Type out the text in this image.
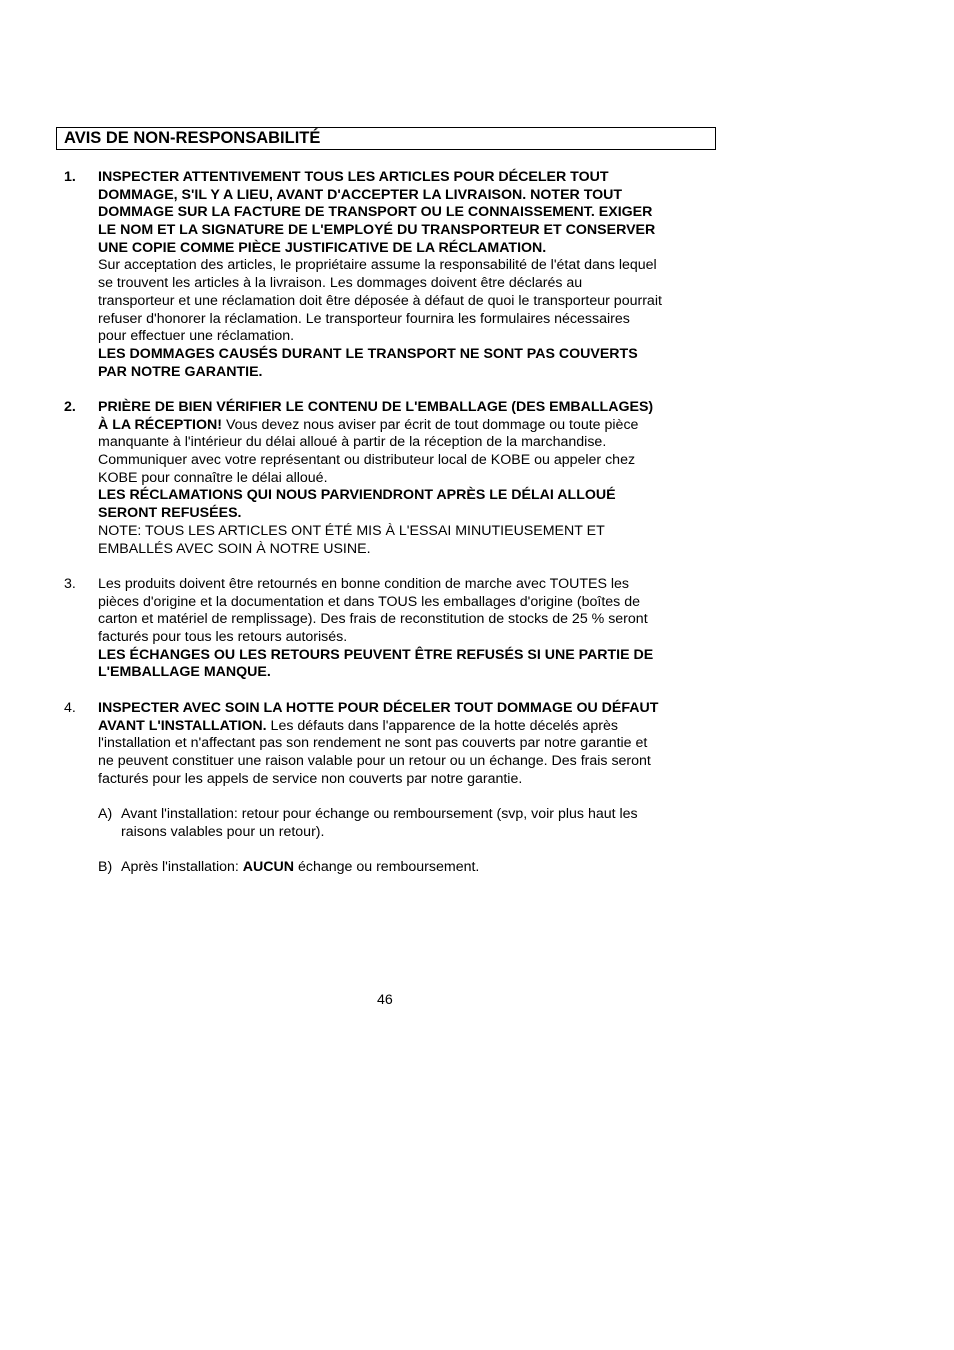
AVIS DE NON-RESPONSABILITÉ
1. INSPECTER ATTENTIVEMENT TOUS LES ARTICLES POUR DÉCELER TOUT
DOMMAGE, S'IL Y A LIEU, AVANT D'ACCEPTER LA LIVRAISON. NOTER TOUT
DOMMAGE SUR LA FACTURE DE TRANSPORT OU LE CONNAISSEMENT. EXIGER
LE NOM ET LA SIGNATURE DE L'EMPLOYÉ DU TRANSPORTEUR ET CONSERVER
UNE COPIE COMME PIÈCE JUSTIFICATIVE DE LA RÉCLAMATION.
Sur acceptation des articles, le propriétaire assume la responsabilité de l'état dans lequel
se trouvent les articles à la livraison. Les dommages doivent être déclarés au
transporteur et une réclamation doit être déposée à défaut de quoi le transporteur pourrait
refuser d'honorer la réclamation. Le transporteur fournira les formulaires nécessaires
pour effectuer une réclamation.
LES DOMMAGES CAUSÉS DURANT LE TRANSPORT NE SONT PAS COUVERTS
PAR NOTRE GARANTIE.
2. PRIÈRE DE BIEN VÉRIFIER LE CONTENU DE L'EMBALLAGE (DES EMBALLAGES)
À LA RÉCEPTION! Vous devez nous aviser par écrit de tout dommage ou toute pièce
manquante à l'intérieur du délai alloué à partir de la réception de la marchandise.
Communiquer avec votre représentant ou distributeur local de KOBE ou appeler chez
KOBE pour connaître le délai alloué.
LES RÉCLAMATIONS QUI NOUS PARVIENDRONT APRÈS LE DÉLAI ALLOUÉ
SERONT REFUSÉES.
NOTE: TOUS LES ARTICLES ONT ÉTÉ MIS À L'ESSAI MINUTIEUSEMENT ET
EMBALLÉS AVEC SOIN À NOTRE USINE.
3. Les produits doivent être retournés en bonne condition de marche avec TOUTES les
pièces d'origine et la documentation et dans TOUS les emballages d'origine (boîtes de
carton et matériel de remplissage). Des frais de reconstitution de stocks de 25 % seront
facturés pour tous les retours autorisés.
LES ÉCHANGES OU LES RETOURS PEUVENT ÊTRE REFUSÉS SI UNE PARTIE DE
L'EMBALLAGE MANQUE.
4. INSPECTER AVEC SOIN LA HOTTE POUR DÉCELER TOUT DOMMAGE OU DÉFAUT
AVANT L'INSTALLATION. Les défauts dans l'apparence de la hotte décelés après
l'installation et n'affectant pas son rendement ne sont pas couverts par notre garantie et
ne peuvent constituer une raison valable pour un retour ou un échange. Des frais seront
facturés pour les appels de service non couverts par notre garantie.
A) Avant l'installation: retour pour échange ou remboursement (svp, voir plus haut les
raisons valables pour un retour).
B) Après l'installation: AUCUN échange ou remboursement.
46
